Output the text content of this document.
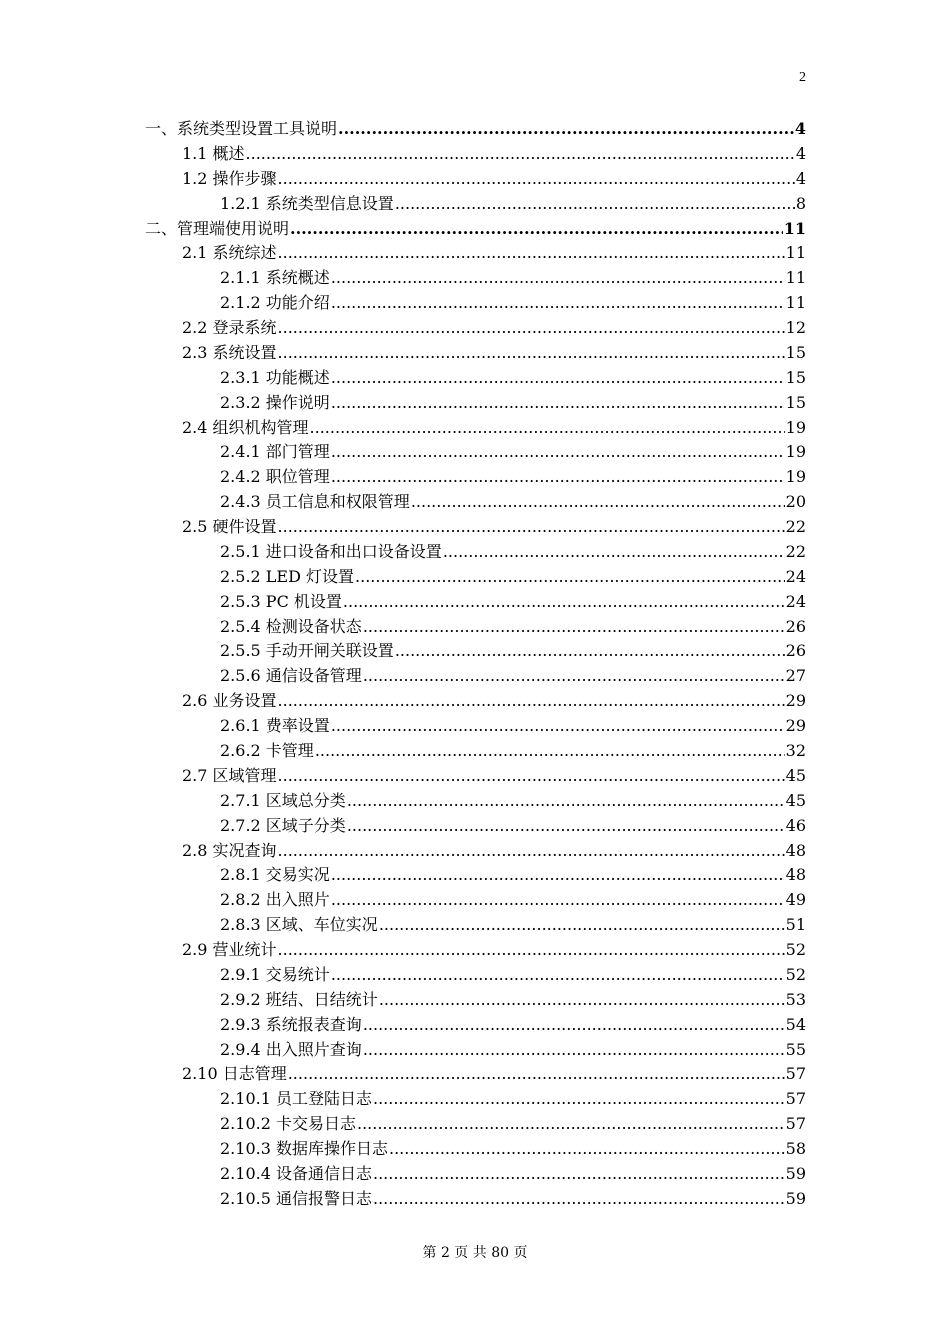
2
一、系统类型设置工具说明 .....	4
1.1 概述 .....	4
1.2 操作步骤 .....	4
1.2.1 系统类型信息设置 .....	8
二、管理端使用说明 .....	11
2.1 系统综述 .....	11
2.1.1 系统概述 .....	11
2.1.2 功能介绍 .....	11
2.2 登录系统 .....	12
2.3 系统设置 .....	15
2.3.1 功能概述 .....	15
2.3.2 操作说明 .....	15
2.4 组织机构管理 .....	19
2.4.1 部门管理 .....	19
2.4.2 职位管理 .....	19
2.4.3 员工信息和权限管理 .....	20
2.5 硬件设置 .....	22
2.5.1 进口设备和出口设备设置 .....	22
2.5.2 LED 灯设置 .....	24
2.5.3 PC 机设置 .....	24
2.5.4 检测设备状态 .....	26
2.5.5 手动开闸关联设置 .....	26
2.5.6 通信设备管理 .....	27
2.6 业务设置 .....	29
2.6.1 费率设置 .....	29
2.6.2 卡管理 .....	32
2.7 区域管理 .....	45
2.7.1 区域总分类 .....	45
2.7.2 区域子分类 .....	46
2.8 实况查询 .....	48
2.8.1 交易实况 .....	48
2.8.2 出入照片 .....	49
2.8.3 区域、车位实况 .....	51
2.9 营业统计 .....	52
2.9.1 交易统计 .....	52
2.9.2 班结、日结统计 .....	53
2.9.3 系统报表查询 .....	54
2.9.4 出入照片查询 .....	55
2.10 日志管理 .....	57
2.10.1 员工登陆日志 .....	57
2.10.2 卡交易日志 .....	57
2.10.3 数据库操作日志 .....	58
2.10.4 设备通信日志 .....	59
2.10.5 通信报警日志 .....	59
第 2 页 共 80 页
